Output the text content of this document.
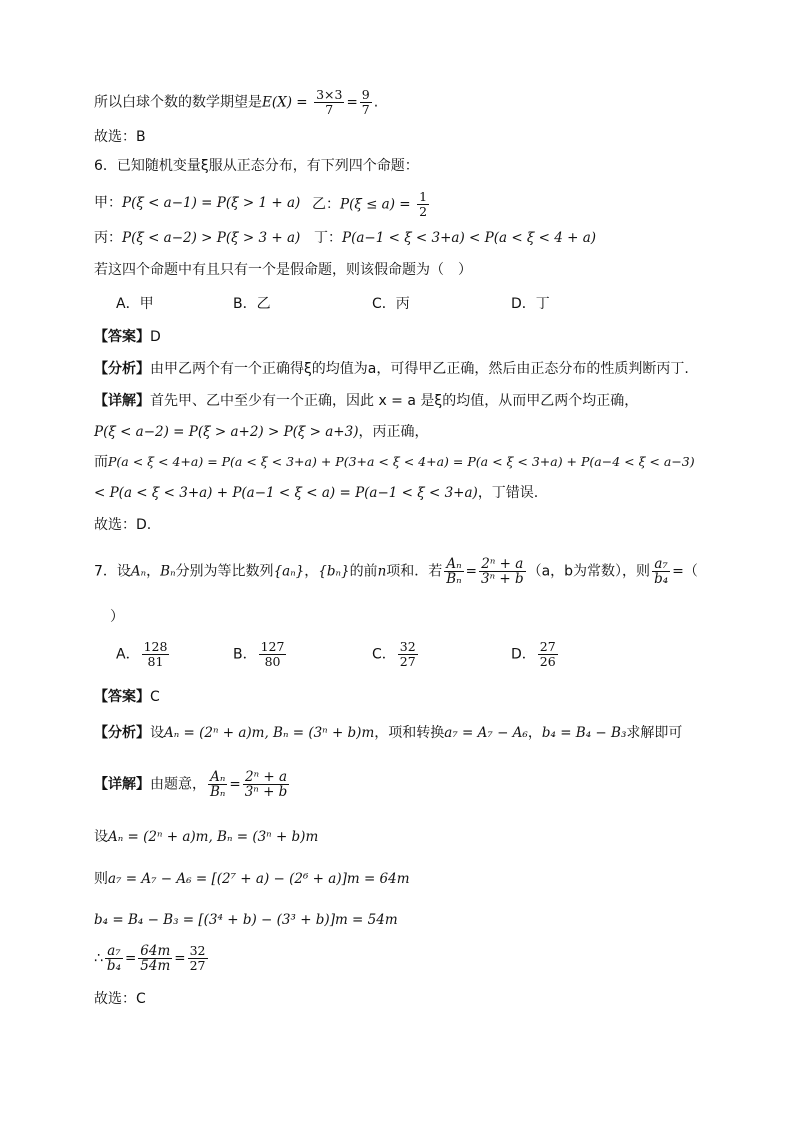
所以白球个数的数学期望是$E(X) = \frac{3\times 3}{7} = \frac{9}{7}$ .
故选：B
6．已知随机变量ξ服从正态分布，有下列四个命题：
甲：P(ξ < a−1) = P(ξ > 1 + a) 乙：$P(\xi \le a) = \frac{1}{2}$
丙：P(ξ < a−2) > P(ξ > 3 + a) 丁：P(a−1 < ξ < 3+a) < P(a < ξ < 4 + a)
若这四个命题中有且只有一个是假命题，则该假命题为（　）
A．甲	B．乙	C．丙	D．丁
【答案】D
【分析】由甲乙两个有一个正确得ξ的均值为a，可得甲乙正确，然后由正态分布的性质判断丙丁.
【详解】首先甲、乙中至少有一个正确，因此 x = a 是ξ的均值，从而甲乙两个均正确，
P(ξ < a−2) = P(ξ > a+2) > P(ξ > a+3)，丙正确，
而P(a < ξ < 4+a) = P(a < ξ < 3+a) + P(3+a < ξ < 4+a) = P(a < ξ < 3+a) + P(a−4 < ξ < a−3)
< P(a < ξ < 3+a) + P(a−1 < ξ < a) = P(a−1 < ξ < 3+a)，丁错误.
故选：D.
7．设Aₙ，Bₙ分别为等比数列{aₙ}，{bₙ}的前n项和．若 $\frac{\text{Aₙ}}{\text{Bₙ}} = \frac{\text{2ⁿ + a}}{\text{3ⁿ + b}} (a$，b为常数），则 $\frac{\text{a₇}}{\text{b₄}}$ =（
）
A． $\frac{128}{81}$	B． $\frac{127}{80}$	C． $\frac{32}{27}$	D． $\frac{27}{26}$
【答案】C
【分析】设Aₙ = (2ⁿ + a)m, Bₙ = (3ⁿ + b)m，项和转换a₇ = A₇ − A₆，b₄ = B₄ − B₃求解即可
【详解】由题意， $\frac{\text{Aₙ}}{\text{Bₙ}} = \frac{\text{2ⁿ + a}}{\text{3ⁿ + b}}$
设Aₙ = (2ⁿ + a)m, Bₙ = (3ⁿ + b)m
则a₇ = A₇ − A₆ = [(2⁷ + a) − (2⁶ + a)]m = 64m
b₄ = B₄ − B₃ = [(3⁴ + b) − (3³ + b)]m = 54m
∴ $\frac{\text{a₇}}{\text{b₄}} = \frac{64m}{54m} = \frac{32}{27}$
故选：C
